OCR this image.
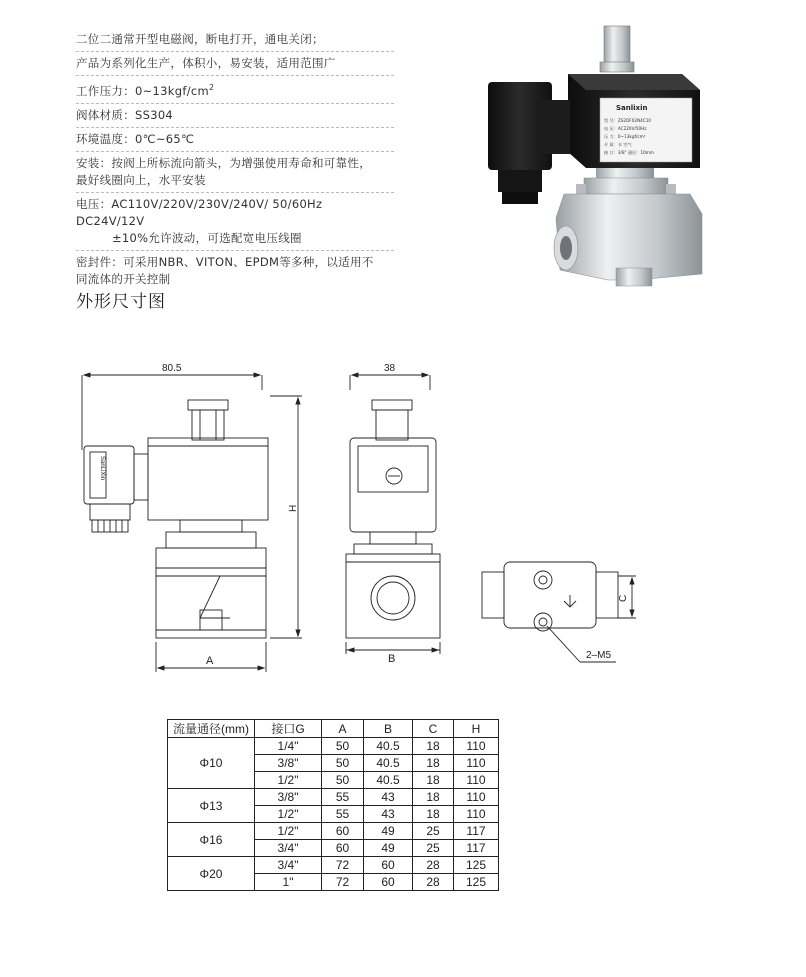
二位二通常开型电磁阀，断电打开，通电关闭；
产品为系列化生产，体积小，易安装，适用范围广
工作压力：$0\sim 13kgf/cm^2$
阀体材质：SS304
环境温度：0℃~65℃
安装：按阀上所标流向箭头，为增强使用寿命和可靠性，
最好线圈向上，水平安装
电压：AC110V/220V/230V/240V/ 50/60Hz DC24V/12V
±10%允许波动，可选配宽电压线圈
密封件：可采用NBR、VITON、EPDM等多种，以适用不
同流体的开关控制
Sanlixin
型 号：ZS2DF02N4C10
电 压：AC220V/50Hz
压 力：0~13kgf/cm²
介 质：水 空气
接 口：3/8" 通径：10mm
外形尺寸图
80.5
SanLiXin
H
A
38
B
C
2–M5
流量通径(mm)	接口G	A	B	C	H
Φ10	1/4"	50	40.5	18	110
	3/8"	50	40.5	18	110
	1/2"	50	40.5	18	110
Φ13	3/8"	55	43	18	110
	1/2"	55	43	18	110
Φ16	1/2"	60	49	25	117
	3/4"	60	49	25	117
Φ20	3/4"	72	60	28	125
	1"	72	60	28	125
